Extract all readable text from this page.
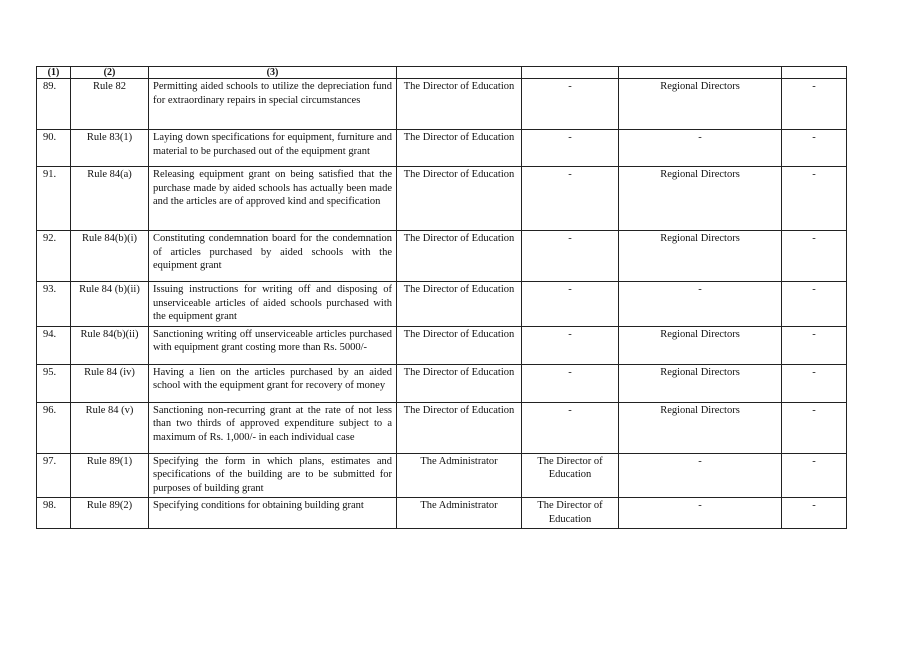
(1)	(2)	(3)				
89.	Rule 82	Permitting aided schools to utilize the depreciation fund for extraordinary repairs in special circumstances	The Director of Education	-	Regional Directors	-
90.	Rule 83(1)	Laying down specifications for equipment, furniture and material to be purchased out of the equipment grant	The Director of Education	-	-	-
91.	Rule 84(a)	Releasing equipment grant on being satisfied that the purchase made by aided schools has actually been made and the articles are of approved kind and specification	The Director of Education	-	Regional Directors	-
92.	Rule 84(b)(i)	Constituting condemnation board for the condemnation of articles purchased by aided schools with the equipment grant	The Director of Education	-	Regional Directors	-
93.	Rule 84 (b)(ii)	Issuing instructions for writing off and disposing of unserviceable articles of aided schools purchased with the equipment grant	The Director of Education	-	-	-
94.	Rule 84(b)(ii)	Sanctioning writing off unserviceable articles purchased with equipment grant costing more than Rs. 5000/-	The Director of Education	-	Regional Directors	-
95.	Rule 84 (iv)	Having a lien on the articles purchased by an aided school with the equipment grant for recovery of money	The Director of Education	-	Regional Directors	-
96.	Rule 84 (v)	Sanctioning non-recurring grant at the rate of not less than two thirds of approved expenditure subject to a maximum of Rs. 1,000/- in each individual case	The Director of Education	-	Regional Directors	-
97.	Rule 89(1)	Specifying the form in which plans, estimates and specifications of the building are to be submitted for purposes of building grant	The Administrator	The Director of Education	-	-
98.	Rule 89(2)	Specifying conditions for obtaining building grant	The Administrator	The Director of Education	-	-
